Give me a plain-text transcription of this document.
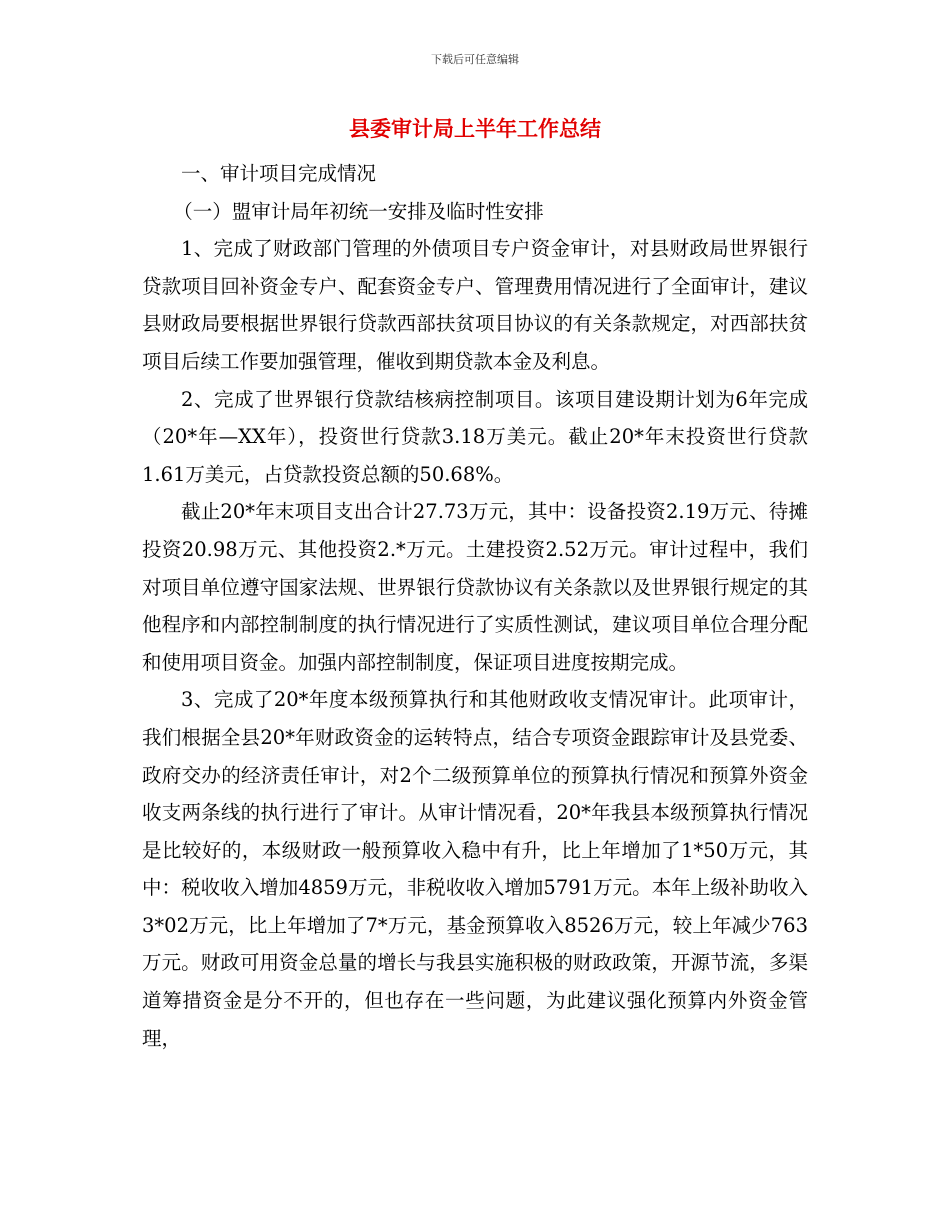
下载后可任意编辑
县委审计局上半年工作总结

一、审计项目完成情况

（一）盟审计局年初统一安排及临时性安排

1、完成了财政部门管理的外债项目专户资金审计，对县财政局世界银行贷款项目回补资金专户、配套资金专户、管理费用情况进行了全面审计，建议县财政局要根据世界银行贷款西部扶贫项目协议的有关条款规定，对西部扶贫项目后续工作要加强管理，催收到期贷款本金及利息。

2、完成了世界银行贷款结核病控制项目。该项目建设期计划为6年完成（20*年—XX年），投资世行贷款3.18万美元。截止20*年末投资世行贷款1.61万美元，占贷款投资总额的50.68%。

截止20*年末项目支出合计27.73万元，其中：设备投资2.19万元、待摊投资20.98万元、其他投资2.*万元。土建投资2.52万元。审计过程中，我们对项目单位遵守国家法规、世界银行贷款协议有关条款以及世界银行规定的其他程序和内部控制制度的执行情况进行了实质性测试，建议项目单位合理分配和使用项目资金。加强内部控制制度，保证项目进度按期完成。

3、完成了20*年度本级预算执行和其他财政收支情况审计。此项审计，我们根据全县20*年财政资金的运转特点，结合专项资金跟踪审计及县党委、政府交办的经济责任审计，对2个二级预算单位的预算执行情况和预算外资金收支两条线的执行进行了审计。从审计情况看，20*年我县本级预算执行情况是比较好的，本级财政一般预算收入稳中有升，比上年增加了1*50万元，其中：税收收入增加4859万元，非税收收入增加5791万元。本年上级补助收入3*02万元，比上年增加了7*万元，基金预算收入8526万元，较上年减少763万元。财政可用资金总量的增长与我县实施积极的财政政策，开源节流，多渠道筹措资金是分不开的，但也存在一些问题，为此建议强化预算内外资金管理，
